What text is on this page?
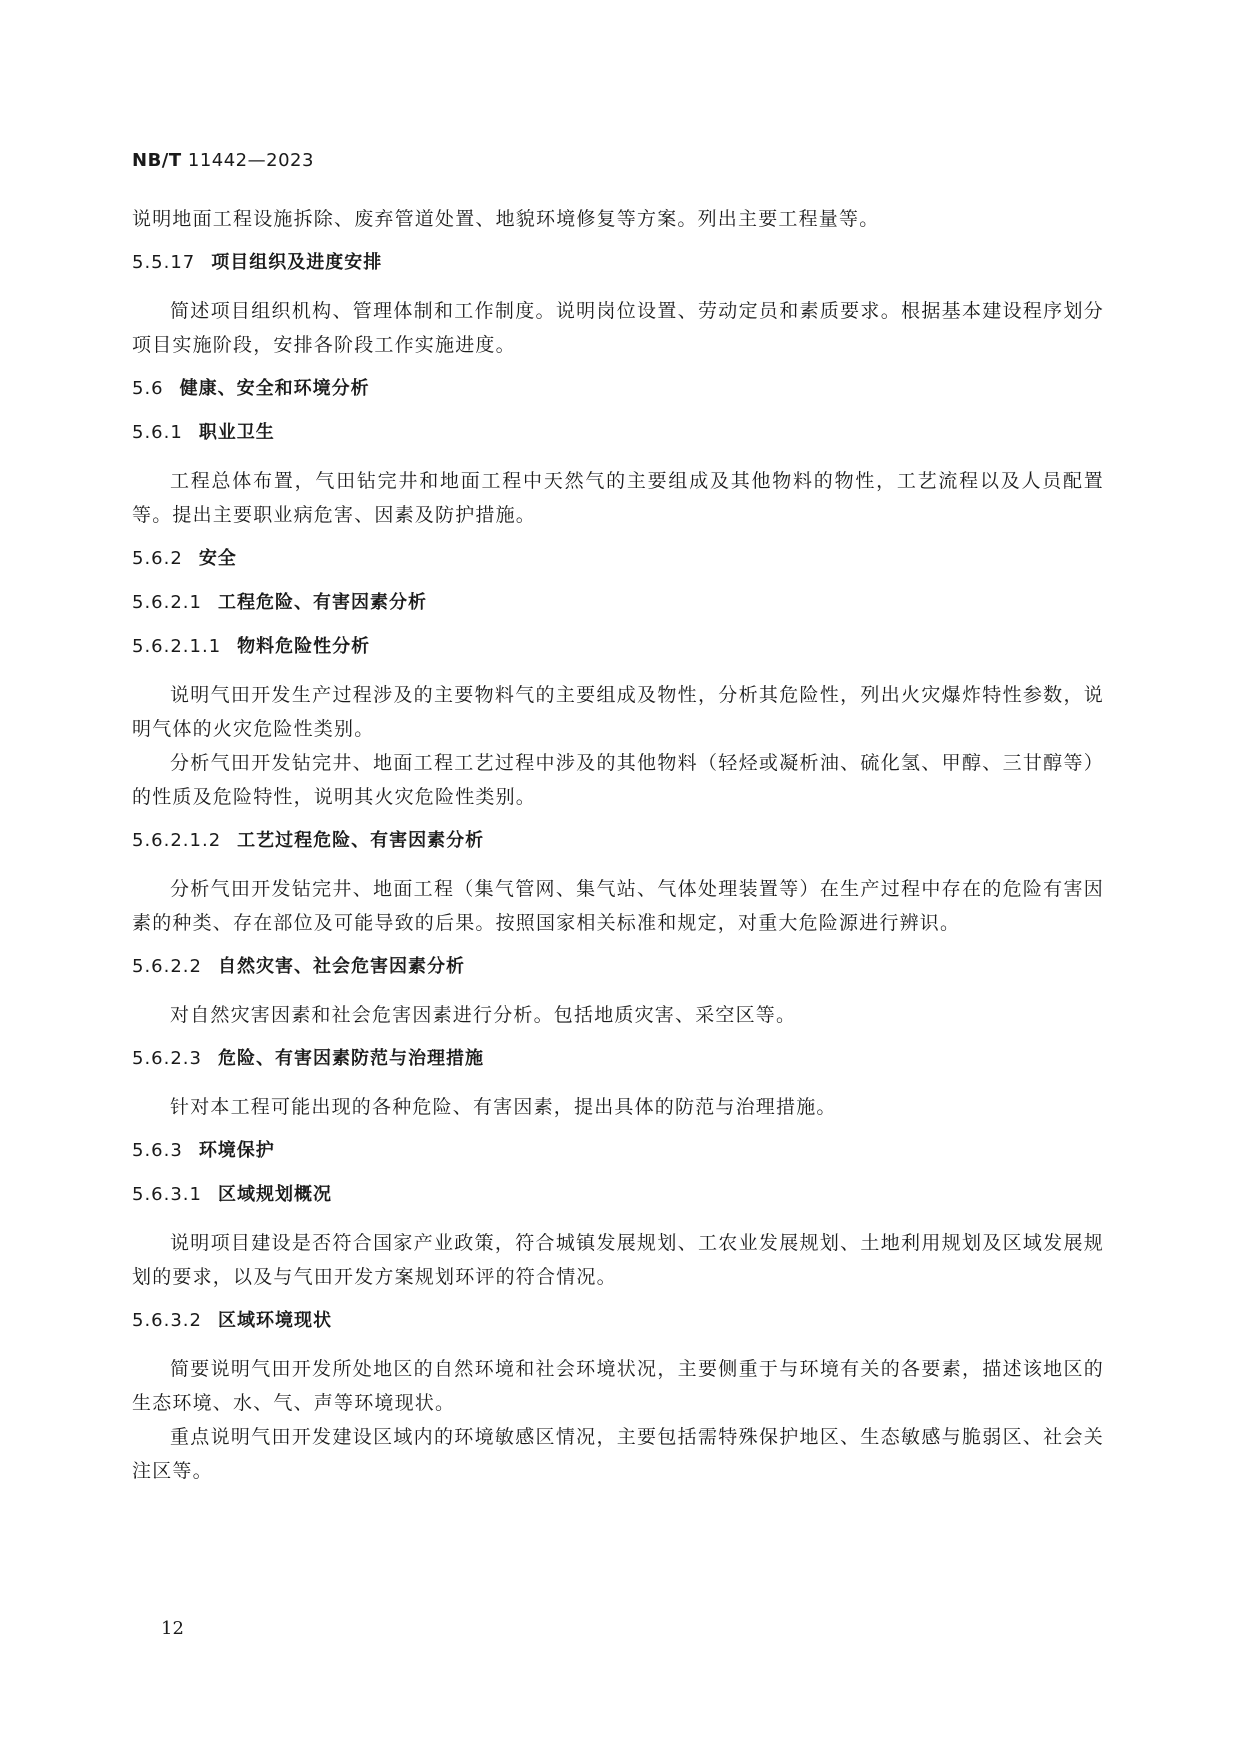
NB/T 11442—2023

说明地面工程设施拆除、废弃管道处置、地貌环境修复等方案。列出主要工程量等。

5.5.17 项目组织及进度安排

简述项目组织机构、管理体制和工作制度。说明岗位设置、劳动定员和素质要求。根据基本建设程序划分项目实施阶段，安排各阶段工作实施进度。

5.6 健康、安全和环境分析
5.6.1 职业卫生

工程总体布置，气田钻完井和地面工程中天然气的主要组成及其他物料的物性，工艺流程以及人员配置等。提出主要职业病危害、因素及防护措施。

5.6.2 安全
5.6.2.1 工程危险、有害因素分析
5.6.2.1.1 物料危险性分析

说明气田开发生产过程涉及的主要物料气的主要组成及物性，分析其危险性，列出火灾爆炸特性参数，说明气体的火灾危险性类别。

分析气田开发钻完井、地面工程工艺过程中涉及的其他物料（轻烃或凝析油、硫化氢、甲醇、三甘醇等）的性质及危险特性，说明其火灾危险性类别。

5.6.2.1.2 工艺过程危险、有害因素分析

分析气田开发钻完井、地面工程（集气管网、集气站、气体处理装置等）在生产过程中存在的危险有害因素的种类、存在部位及可能导致的后果。按照国家相关标准和规定，对重大危险源进行辨识。

5.6.2.2 自然灾害、社会危害因素分析

对自然灾害因素和社会危害因素进行分析。包括地质灾害、采空区等。

5.6.2.3 危险、有害因素防范与治理措施

针对本工程可能出现的各种危险、有害因素，提出具体的防范与治理措施。

5.6.3 环境保护
5.6.3.1 区域规划概况

说明项目建设是否符合国家产业政策，符合城镇发展规划、工农业发展规划、土地利用规划及区域发展规划的要求，以及与气田开发方案规划环评的符合情况。

5.6.3.2 区域环境现状

简要说明气田开发所处地区的自然环境和社会环境状况，主要侧重于与环境有关的各要素，描述该地区的生态环境、水、气、声等环境现状。

重点说明气田开发建设区域内的环境敏感区情况，主要包括需特殊保护地区、生态敏感与脆弱区、社会关注区等。

12
